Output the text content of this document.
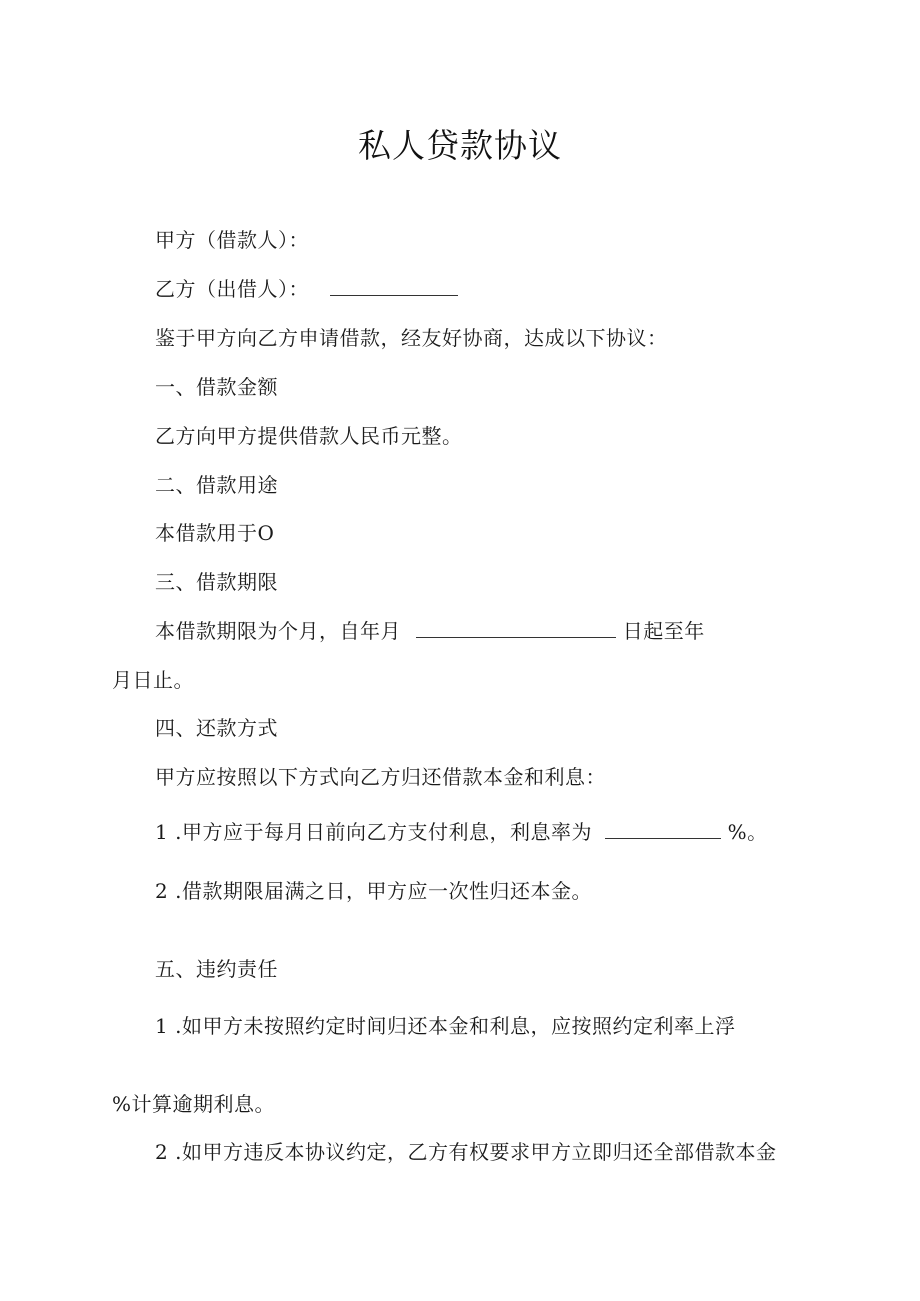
私人贷款协议
甲方（借款人）：
乙方（出借人）：
鉴于甲方向乙方申请借款，经友好协商，达成以下协议：
一、借款金额
乙方向甲方提供借款人民币元整。
二、借款用途
本借款用于O
三、借款期限
本借款期限为个月，自年月	日起至年
月日止。
四、还款方式
甲方应按照以下方式向乙方归还借款本金和利息：
1 .甲方应于每月日前向乙方支付利息，利息率为	%。
2 .借款期限届满之日，甲方应一次性归还本金。
五、违约责任
1 .如甲方未按照约定时间归还本金和利息，应按照约定利率上浮
%计算逾期利息。
2 .如甲方违反本协议约定，乙方有权要求甲方立即归还全部借款本金
